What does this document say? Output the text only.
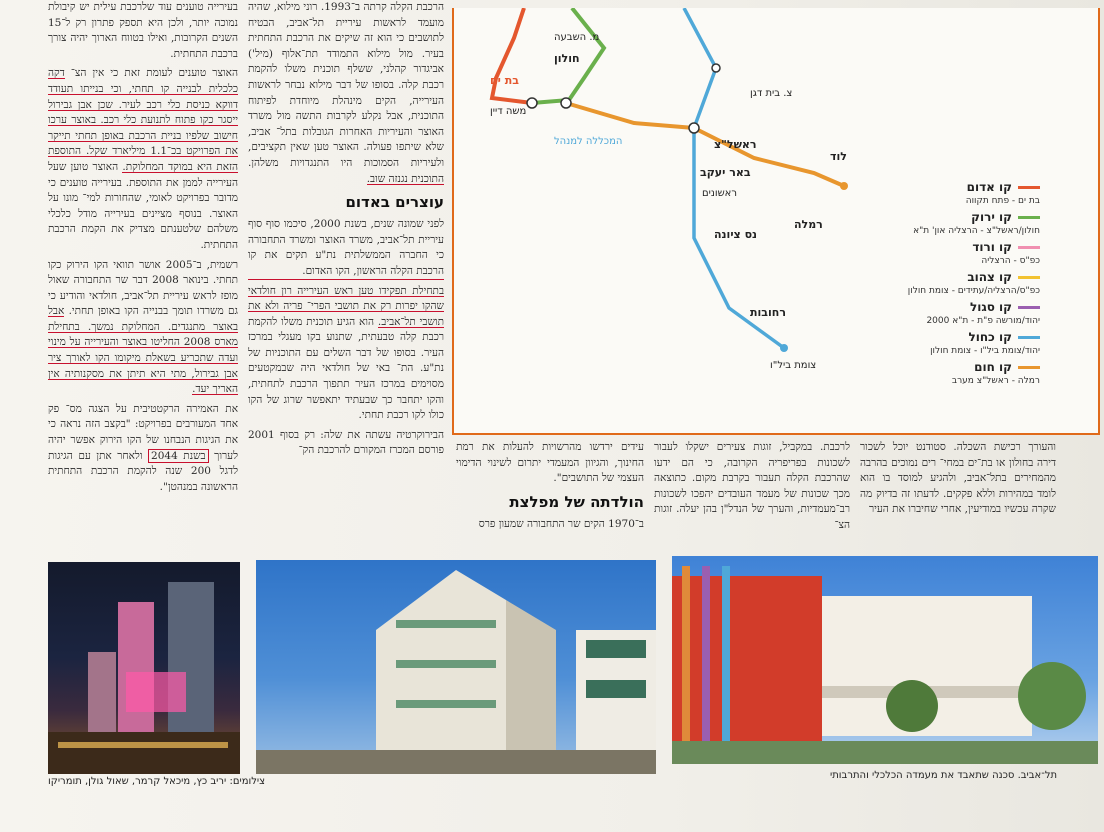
בעירייה טוענים עוד שלרכבת עילית יש קיבולת נמוכה יותר, ולכן היא תספק פתרון רק ל־15 השנים הקרובות, ואילו בטווח הארוך יהיה צורך ברכבת התחתית.

האוצר טוענים לעומת זאת כי אין הצ־ דקה כלכלית לבנייה קו תחתי, וכי בנייתו תעודד דווקא כניסת כלי רכב לעיר. שכן אבן גבירול ייסגר כקו פתוח לתנועת כלי רכב. באוצר ערכו חישוב שלפיו בניית הרכבת באופן תחתי תייקר את הפרויקט בכ־1.1 מיליארד שקל. התוספת הזאת היא במוקד המחלוקת. האוצר טוען שעל העירייה לממן את התוספת. בעירייה טוענים כי מדובר בפרויקט לאומי, שהחורות למי־ מונו על האוצר. בנוסף מציינים בעירייה מודל כלכלי משלהם שלטענתם מצדיק את הקמת הרכבת התחתית.

רשמית, ב־2005 אושר תוואי הקו הירוק כקו תחתי. בינואר 2008 דבר שר התחבורה שאול מופז לראש עיריית תל־אביב, חולדאי והודיע כי גם משרדו תומך בבנייה הקו באופן תחתי. אבל באוצר מתנגדים. המחלוקת נמשך. בתחילת מארס 2008 החליטו באוצר והעירייה על מינוי ועדה שתכריע בשאלת מיקומו הקו לאורך ציר אבן גבירול, מתי היא תיתן את מסקנותיה אין האריך יעד.

את האמירה הרקטטיבית על הצגה מס־ פק אחד המעורבים בפרויקט: "בקצב הזה נראה כי את הגיגות הנבחנו של הקו הירוק אפשר יהיה לערוך בשנת 2044 ולאחר אתן עם הגיגות לדגל 200 שנה להקמת הרכבת התחתית הראשונה במנהטן".

הרכבת הקלה קרתה ב־1993. רוני מילוא, שהיה מועמד לראשות עיריית תל־אביב, הבטיח לתושבים כי הוא זה שיקים את הרכבת התחתית בעיר. מול מילוא התמודד תת־אלוף (מיל') אביגדור קהלני, ששלף תוכנית משלו להקמת רכבת קלה. בסופו של דבר מילוא נבחר לראשות העירייה, הקים מינהלת מיוחדת לפיתוח התוכנית, אבל נקלע לקרבות התשה מול משרד האוצר והעיריות האחרות הגובלות בתל־ אביב, שלא שיתפו פעולה. האוצר טען שאין תקציבים, ולעיריות הסמוכות היו התנגדויות משלהן. התוכנית נגנזה שוב.

עוצרים באדום

לפני שמונה שנים, בשנת 2000, סיכמו סוף סוף עיריית תל־אביב, משרד האוצר ומשרד התחבורה כי החברה הממשלתית נת"ע תקים את קו הרכבת הקלה הראשון, הקו האדום.

בתחילת תפקידו טען ראש העירייה רון חולדאי שהקו יפרות רק את תושבי הפרי־ פריה ולא את תושבי תל־אביב. הוא הגיע תוכנית משלו להקמת רכבת קלה טבעתית, שתנוע בקו מעגלי במרכז העיר. בסופו של דבר השלים עם התוכניות של נת"ע. הת־ באי של חולדאי היה שבמקטעים מסוימים במרכז העיר תתפוך הרכבת לתחתית, והקו יתחבר כך שבעתיד יתאפשר שרוג של הקו כולו לקו רכבת תחתי.

הבירוקרטיה עשתה את שלה: רק בסוף 2001 פורסם המכרז המקורם להרכבת הק־

מ. השבעה
חולון
בת ים
משה דיין
צ. בית דגן
המכללה למנהל	ראשל"צ
לוד
באר יעקב
ראשונים
רמלה
נס ציונה
רחובות
צומת ביל"ו
קו אדום
בת ים - פתח תקווה
קו ירוק
חולון/ראשל"צ - הרצליה און' ת"א
קו ורוד
כפ"ס - הרצליה
קו צהוב
כפ"ס/הרצליה/עתידים - צומת חולון
קו סגול
יהוד/מורשה פ"ת - ת"א 2000
קו כחול
יהוד/צומת ביל"ו - צומת חולון
קו חום
רמלה - ראשל"צ מערב

עידים ירדשו מהרשויות להעלות את רמת החינוך, והגיוון המעמדי יתרום לשינוי הדימוי העצמי של התושבים".

הולדתה של מפלצת

ב־1970 הקים שר התחבורה שמעון פרס

לרכבת. במקביל, זוגות צעירים ישקלו לעבור לשכונות בפריפריה הקרובה, כי הם ידעו שהרכבת הקלה תעבור בקרבת מקום. כתוצאה מכך שכונות של מעמד העובדים יהפכו לשכונות רב־מעמדיות, והערך של הנדל"ן בהן יעלה. זוגות הצ־

והעורך רכישת השכלה. סטודנט יוכל לשכור דירה בחולון או בת־ים במחי־ רים נמוכים בהרבה מהמחירים בתל־אביב, ולהגיע למוסד בו הוא לומד במהירות וללא פקקים. לדעתו זה בדיוק מה שקרה עכשיו במודיעין, אחרי שחיברו את העיר

צילומים: יריב כץ, מיכאל קרמר, שאול גולן, תומריקו
תל־אביב. סכנה שתאבד את מעמדה הכלכלי והתרבותי
